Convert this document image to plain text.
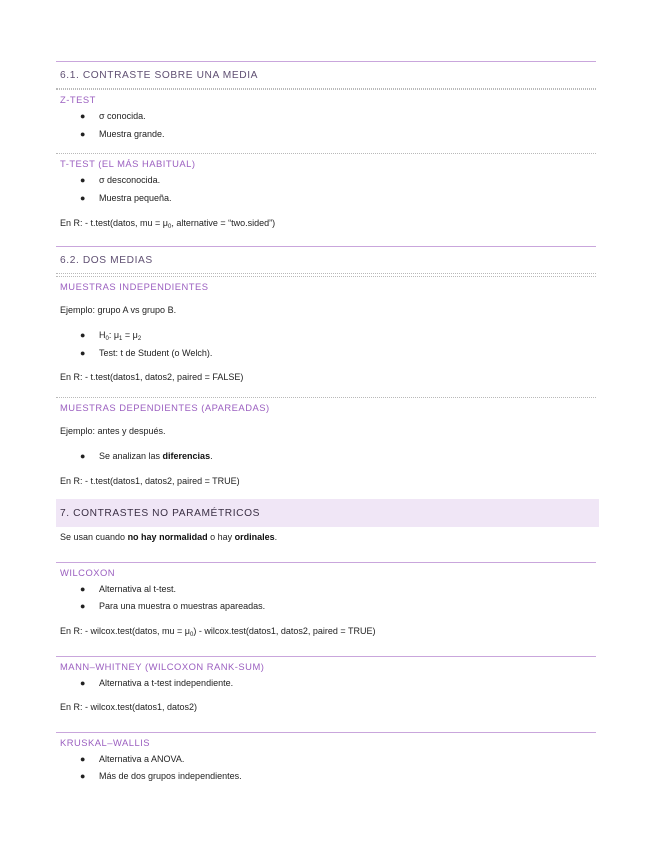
6.1. CONTRASTE SOBRE UNA MEDIA
Z-TEST
● σ conocida.
● Muestra grande.
T-TEST (EL MÁS HABITUAL)
● σ desconocida.
● Muestra pequeña.
En R: - t.test(datos, mu = $\mu_0$, alternative = “two.sided”)
6.2. DOS MEDIAS
MUESTRAS INDEPENDIENTES
Ejemplo: grupo A vs grupo B.
● $H_0$: $\mu_1 = \mu_2$
● Test: t de Student (o Welch).
En R: - t.test(datos1, datos2, paired = FALSE)
MUESTRAS DEPENDIENTES (APAREADAS)
Ejemplo: antes y después.
● Se analizan las diferencias.
En R: - t.test(datos1, datos2, paired = TRUE)
7. CONTRASTES NO PARAMÉTRICOS
Se usan cuando no hay normalidad o hay ordinales.
WILCOXON
● Alternativa al t-test.
● Para una muestra o muestras apareadas.
En R: - wilcox.test(datos, mu = $\mu_0$) - wilcox.test(datos1, datos2, paired = TRUE)
MANN–WHITNEY (WILCOXON RANK-SUM)
● Alternativa a t-test independiente.
En R: - wilcox.test(datos1, datos2)
KRUSKAL–WALLIS
● Alternativa a ANOVA.
● Más de dos grupos independientes.
